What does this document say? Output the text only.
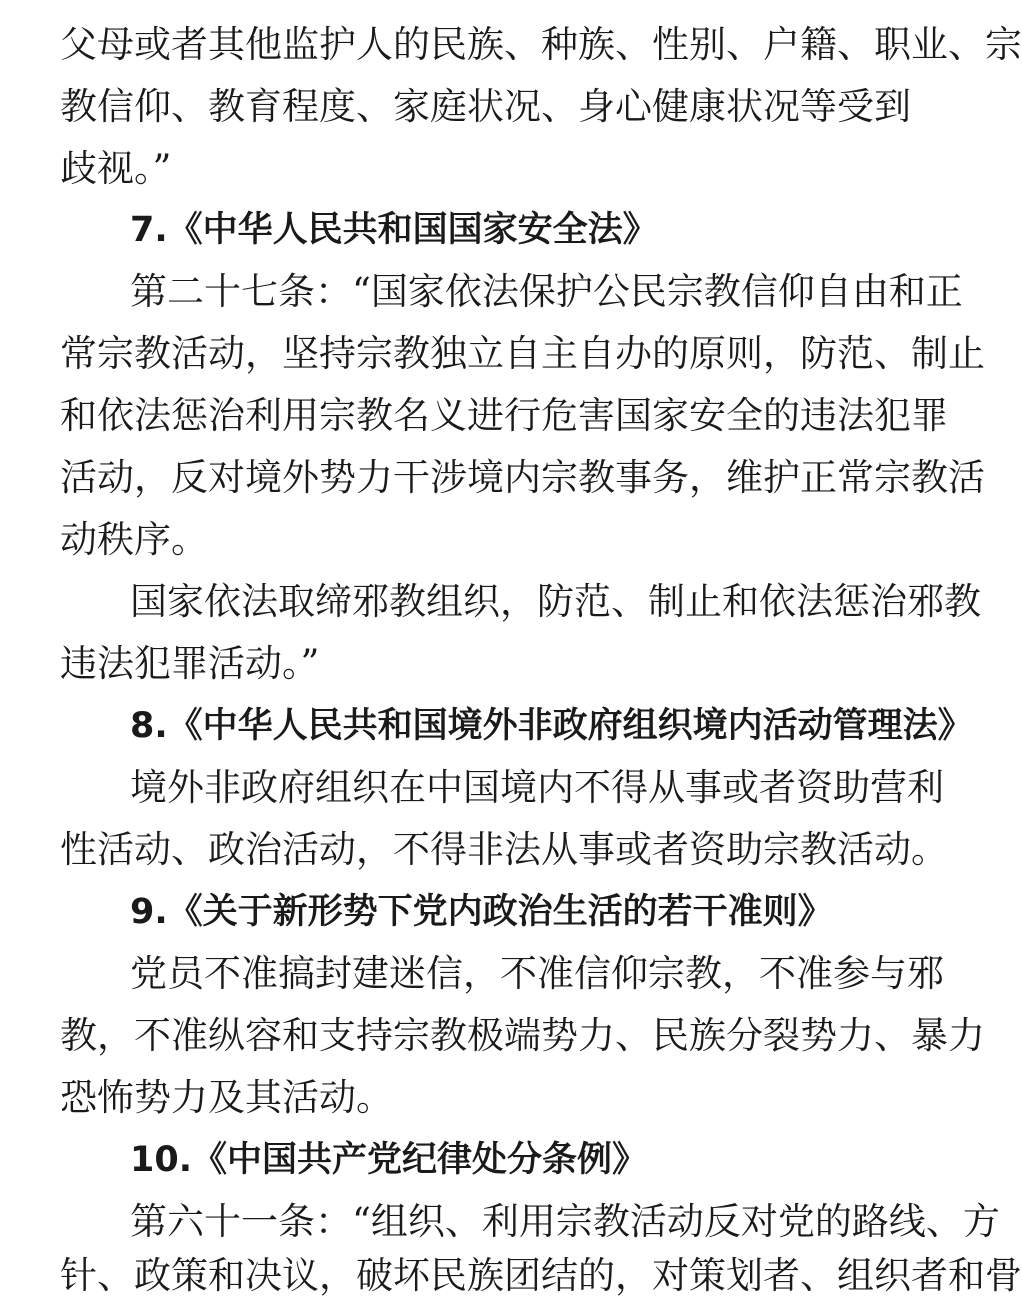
父母或者其他监护人的民族、种族、性别、户籍、职业、宗
教信仰、教育程度、家庭状况、身心健康状况等受到
歧视。”
7.《中华人民共和国国家安全法》
第二十七条：“国家依法保护公民宗教信仰自由和正
常宗教活动，坚持宗教独立自主自办的原则，防范、制止
和依法惩治利用宗教名义进行危害国家安全的违法犯罪
活动，反对境外势力干涉境内宗教事务，维护正常宗教活
动秩序。
国家依法取缔邪教组织，防范、制止和依法惩治邪教
违法犯罪活动。”
8.《中华人民共和国境外非政府组织境内活动管理法》
境外非政府组织在中国境内不得从事或者资助营利
性活动、政治活动，不得非法从事或者资助宗教活动。
9.《关于新形势下党内政治生活的若干准则》
党员不准搞封建迷信，不准信仰宗教，不准参与邪
教，不准纵容和支持宗教极端势力、民族分裂势力、暴力
恐怖势力及其活动。
10.《中国共产党纪律处分条例》
第六十一条：“组织、利用宗教活动反对党的路线、方
针、政策和决议，破坏民族团结的，对策划者、组织者和骨
